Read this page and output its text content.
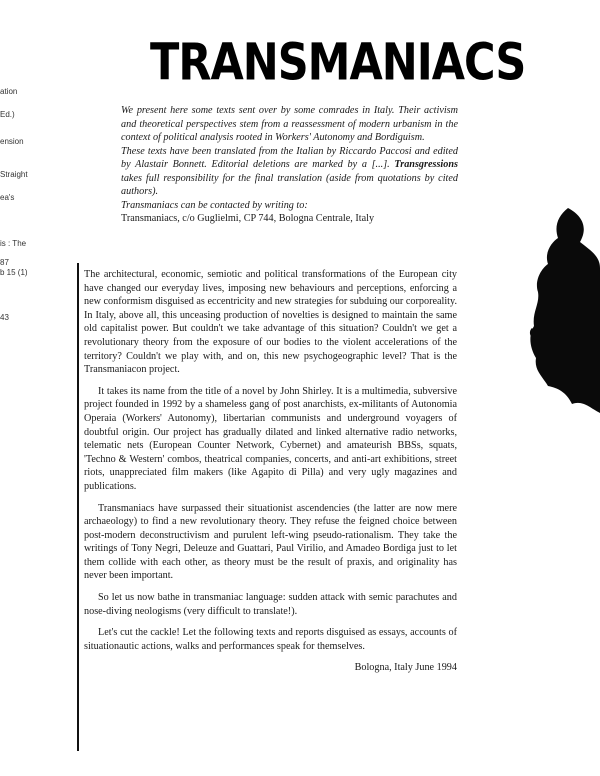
TRANSMANIACS
ation
Ed.)
ension
Straight
ea's
is : The
87
b 15 (1)
43

We present here some texts sent over by some comrades in Italy. Their activism and theoretical perspectives stem from a reassessment of modern urbanism in the context of political analysis rooted in Workers' Autonomy and Bordiguism.

These texts have been translated from the Italian by Riccardo Paccosi and edited by Alastair Bonnett. Editorial deletions are marked by a [...]. Transgressions takes full responsibility for the final translation (aside from quotations by cited authors).

Transmaniacs can be contacted by writing to:

Transmaniacs, c/o Guglielmi, CP 744, Bologna Centrale, Italy

The architectural, economic, semiotic and political transformations of the European city have changed our everyday lives, imposing new behaviours and perceptions, enforcing a new conformism disguised as eccentricity and new strategies for subduing our corporeality. In Italy, above all, this unceasing production of novelties is designed to maintain the same old capitalist power. But couldn't we take advantage of this situation? Couldn't we get a revolutionary theory from the exposure of our bodies to the violent accelerations of the territory? Couldn't we play with, and on, this new psychogeographic level? That is the Transmaniacon project.

It takes its name from the title of a novel by John Shirley. It is a multimedia, subversive project founded in 1992 by a shameless gang of post anarchists, ex-militants of Autonomia Operaia (Workers' Autonomy), libertarian communists and underground voyagers of doubtful origin. Our project has gradually dilated and linked alternative radio networks, telematic nets (European Counter Network, Cybernet) and amateurish BBSs, squats, 'Techno & Western' combos, theatrical companies, concerts, and anti-art exhibitions, street riots, unappreciated film makers (like Agapito di Pilla) and very ugly magazines and publications.

Transmaniacs have surpassed their situationist ascendencies (the latter are now mere archaeology) to find a new revolutionary theory. They refuse the feigned choice between post-modern deconstructivism and purulent left-wing pseudo-rationalism. They take the writings of Tony Negri, Deleuze and Guattari, Paul Virilio, and Amadeo Bordiga just to let them collide with each other, as theory must be the result of praxis, and originality has never been important.

So let us now bathe in transmaniac language: sudden attack with semic parachutes and nose-diving neologisms (very difficult to translate!).

Let's cut the cackle! Let the following texts and reports disguised as essays, accounts of situationautic actions, walks and performances speak for themselves.

Bologna, Italy June 1994
